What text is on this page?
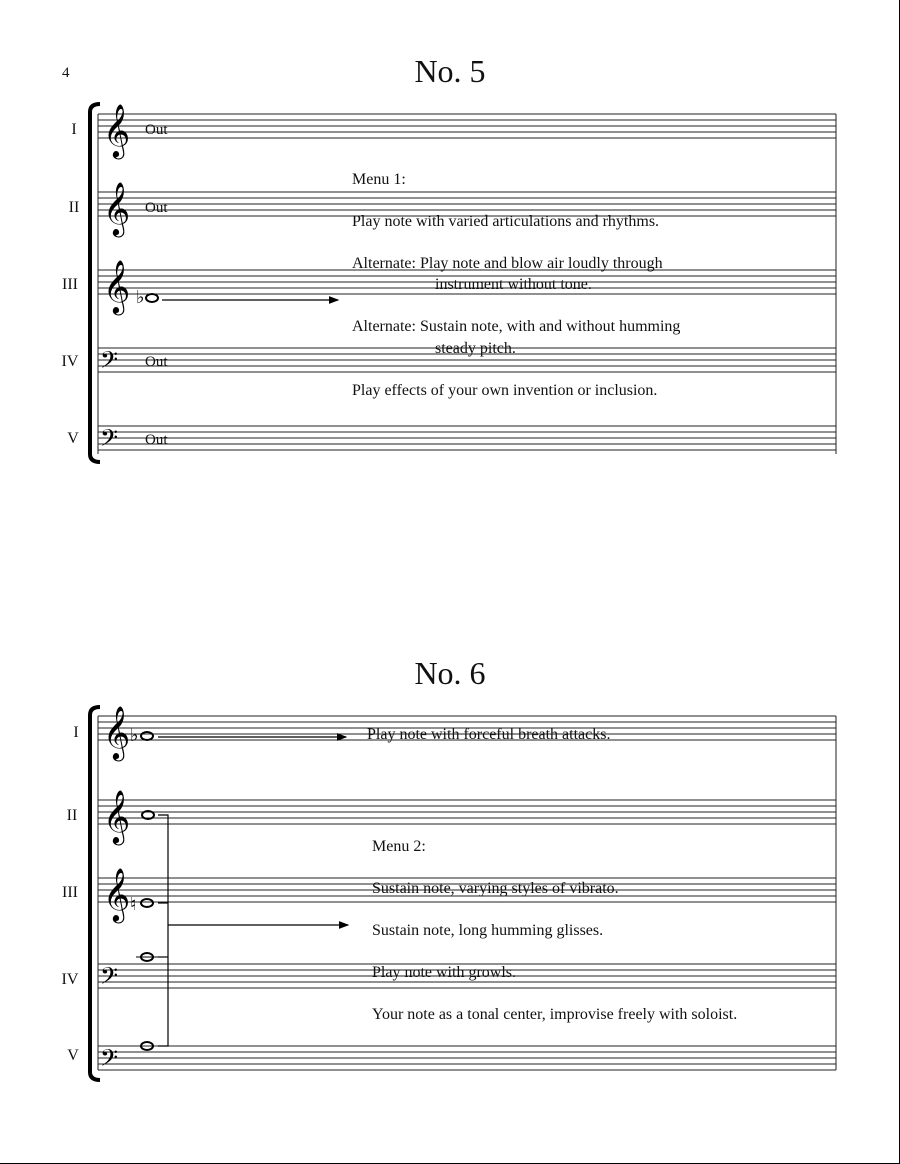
4	No. 5
I 𝄞 Out
II 𝄞 Out
III 𝄞 ♭
IV 𝄢 Out
V 𝄢 Out
Menu 1:
Play note with varied articulations and rhythms.
Alternate: Play note and blow air loudly through
instrument without tone.
Alternate: Sustain note, with and without humming
steady pitch.
Play effects of your own invention or inclusion.
No. 6
I 𝄞 ♭	Play note with forceful breath attacks.
II 𝄞
III 𝄞 ♮
IV 𝄢
V 𝄢
Menu 2:
Sustain note, varying styles of vibrato.
Sustain note, long humming glisses.
Play note with growls.
Your note as a tonal center, improvise freely with soloist.
